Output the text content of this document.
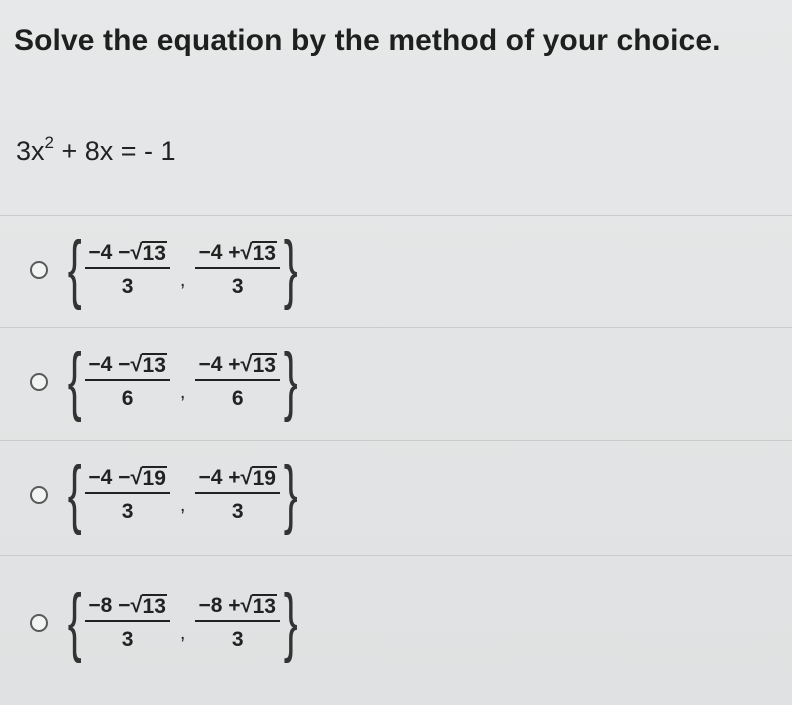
Solve the equation by the method of your choice.
$3x^2 + 8x$ = - 1
{ $\frac{-4 - √ 13}{3}$ , $\frac{-4 + √ 13}{3}$ }
{ $\frac{-4 - √ 13}{6}$ , $\frac{-4 + √ 13}{6}$ }
{ $\frac{-4 - √ 19}{3}$ , $\frac{-4 + √ 19}{3}$ }
{ $\frac{-8 - √ 13}{3}$ , $\frac{-8 + √ 13}{3}$ }
